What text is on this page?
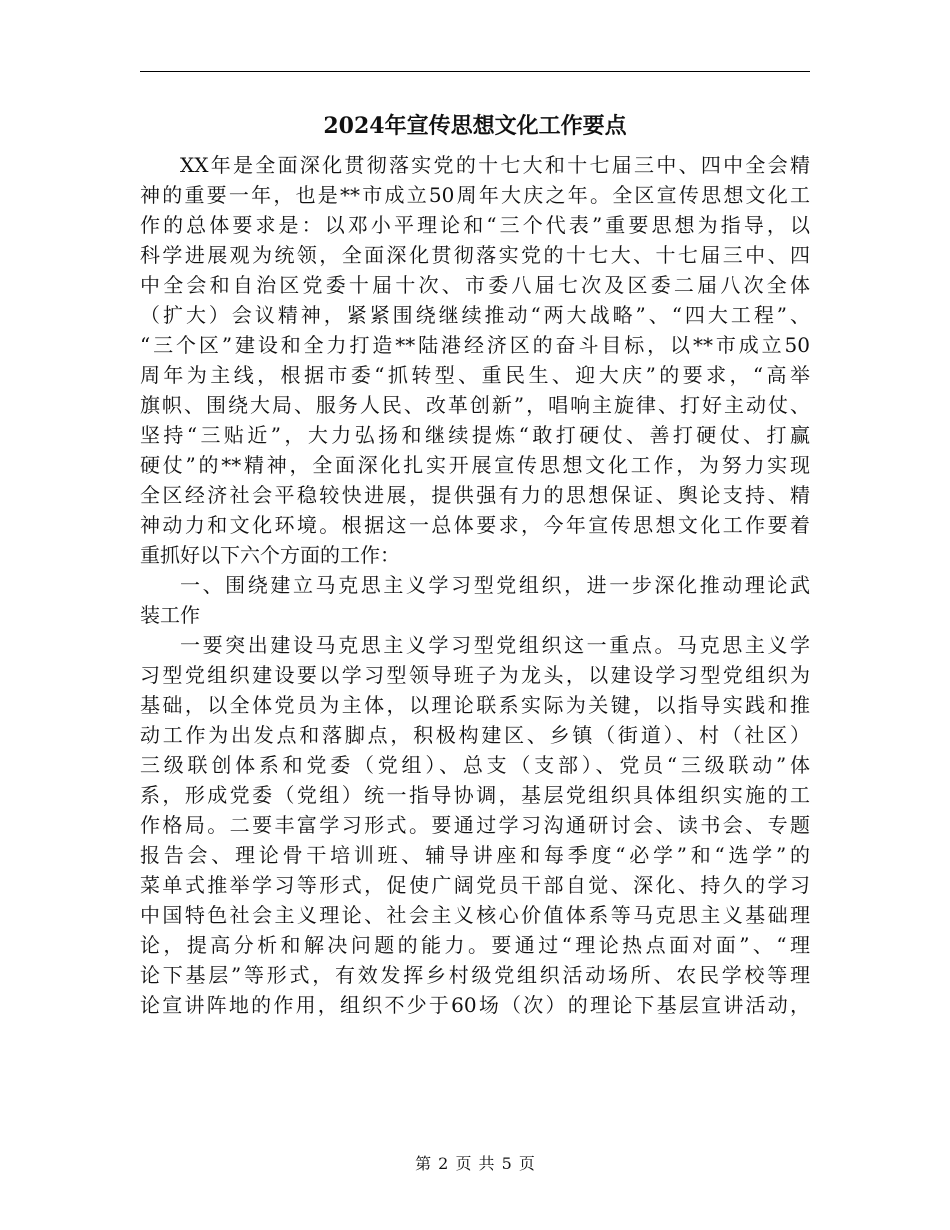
2024年宣传思想文化工作要点
XX年是全面深化贯彻落实党的十七大和十七届三中、四中全会精
神的重要一年，也是**市成立50周年大庆之年。全区宣传思想文化工
作的总体要求是：以邓小平理论和“三个代表”重要思想为指导，以
科学进展观为统领，全面深化贯彻落实党的十七大、十七届三中、四
中全会和自治区党委十届十次、市委八届七次及区委二届八次全体
（扩大）会议精神，紧紧围绕继续推动“两大战略”、“四大工程”、
“三个区”建设和全力打造**陆港经济区的奋斗目标，以**市成立50
周年为主线，根据市委“抓转型、重民生、迎大庆”的要求，“高举
旗帜、围绕大局、服务人民、改革创新”，唱响主旋律、打好主动仗、
坚持“三贴近”，大力弘扬和继续提炼“敢打硬仗、善打硬仗、打赢
硬仗”的**精神，全面深化扎实开展宣传思想文化工作，为努力实现
全区经济社会平稳较快进展，提供强有力的思想保证、舆论支持、精
神动力和文化环境。根据这一总体要求，今年宣传思想文化工作要着
重抓好以下六个方面的工作：
一、围绕建立马克思主义学习型党组织，进一步深化推动理论武
装工作
一要突出建设马克思主义学习型党组织这一重点。马克思主义学
习型党组织建设要以学习型领导班子为龙头，以建设学习型党组织为
基础，以全体党员为主体，以理论联系实际为关键，以指导实践和推
动工作为出发点和落脚点，积极构建区、乡镇（街道）、村（社区）
三级联创体系和党委（党组）、总支（支部）、党员“三级联动”体
系，形成党委（党组）统一指导协调，基层党组织具体组织实施的工
作格局。二要丰富学习形式。要通过学习沟通研讨会、读书会、专题
报告会、理论骨干培训班、辅导讲座和每季度“必学”和“选学”的
菜单式推举学习等形式，促使广阔党员干部自觉、深化、持久的学习
中国特色社会主义理论、社会主义核心价值体系等马克思主义基础理
论，提高分析和解决问题的能力。要通过“理论热点面对面”、“理
论下基层”等形式，有效发挥乡村级党组织活动场所、农民学校等理
论宣讲阵地的作用，组织不少于60场（次）的理论下基层宣讲活动，
第 2 页 共 5 页
